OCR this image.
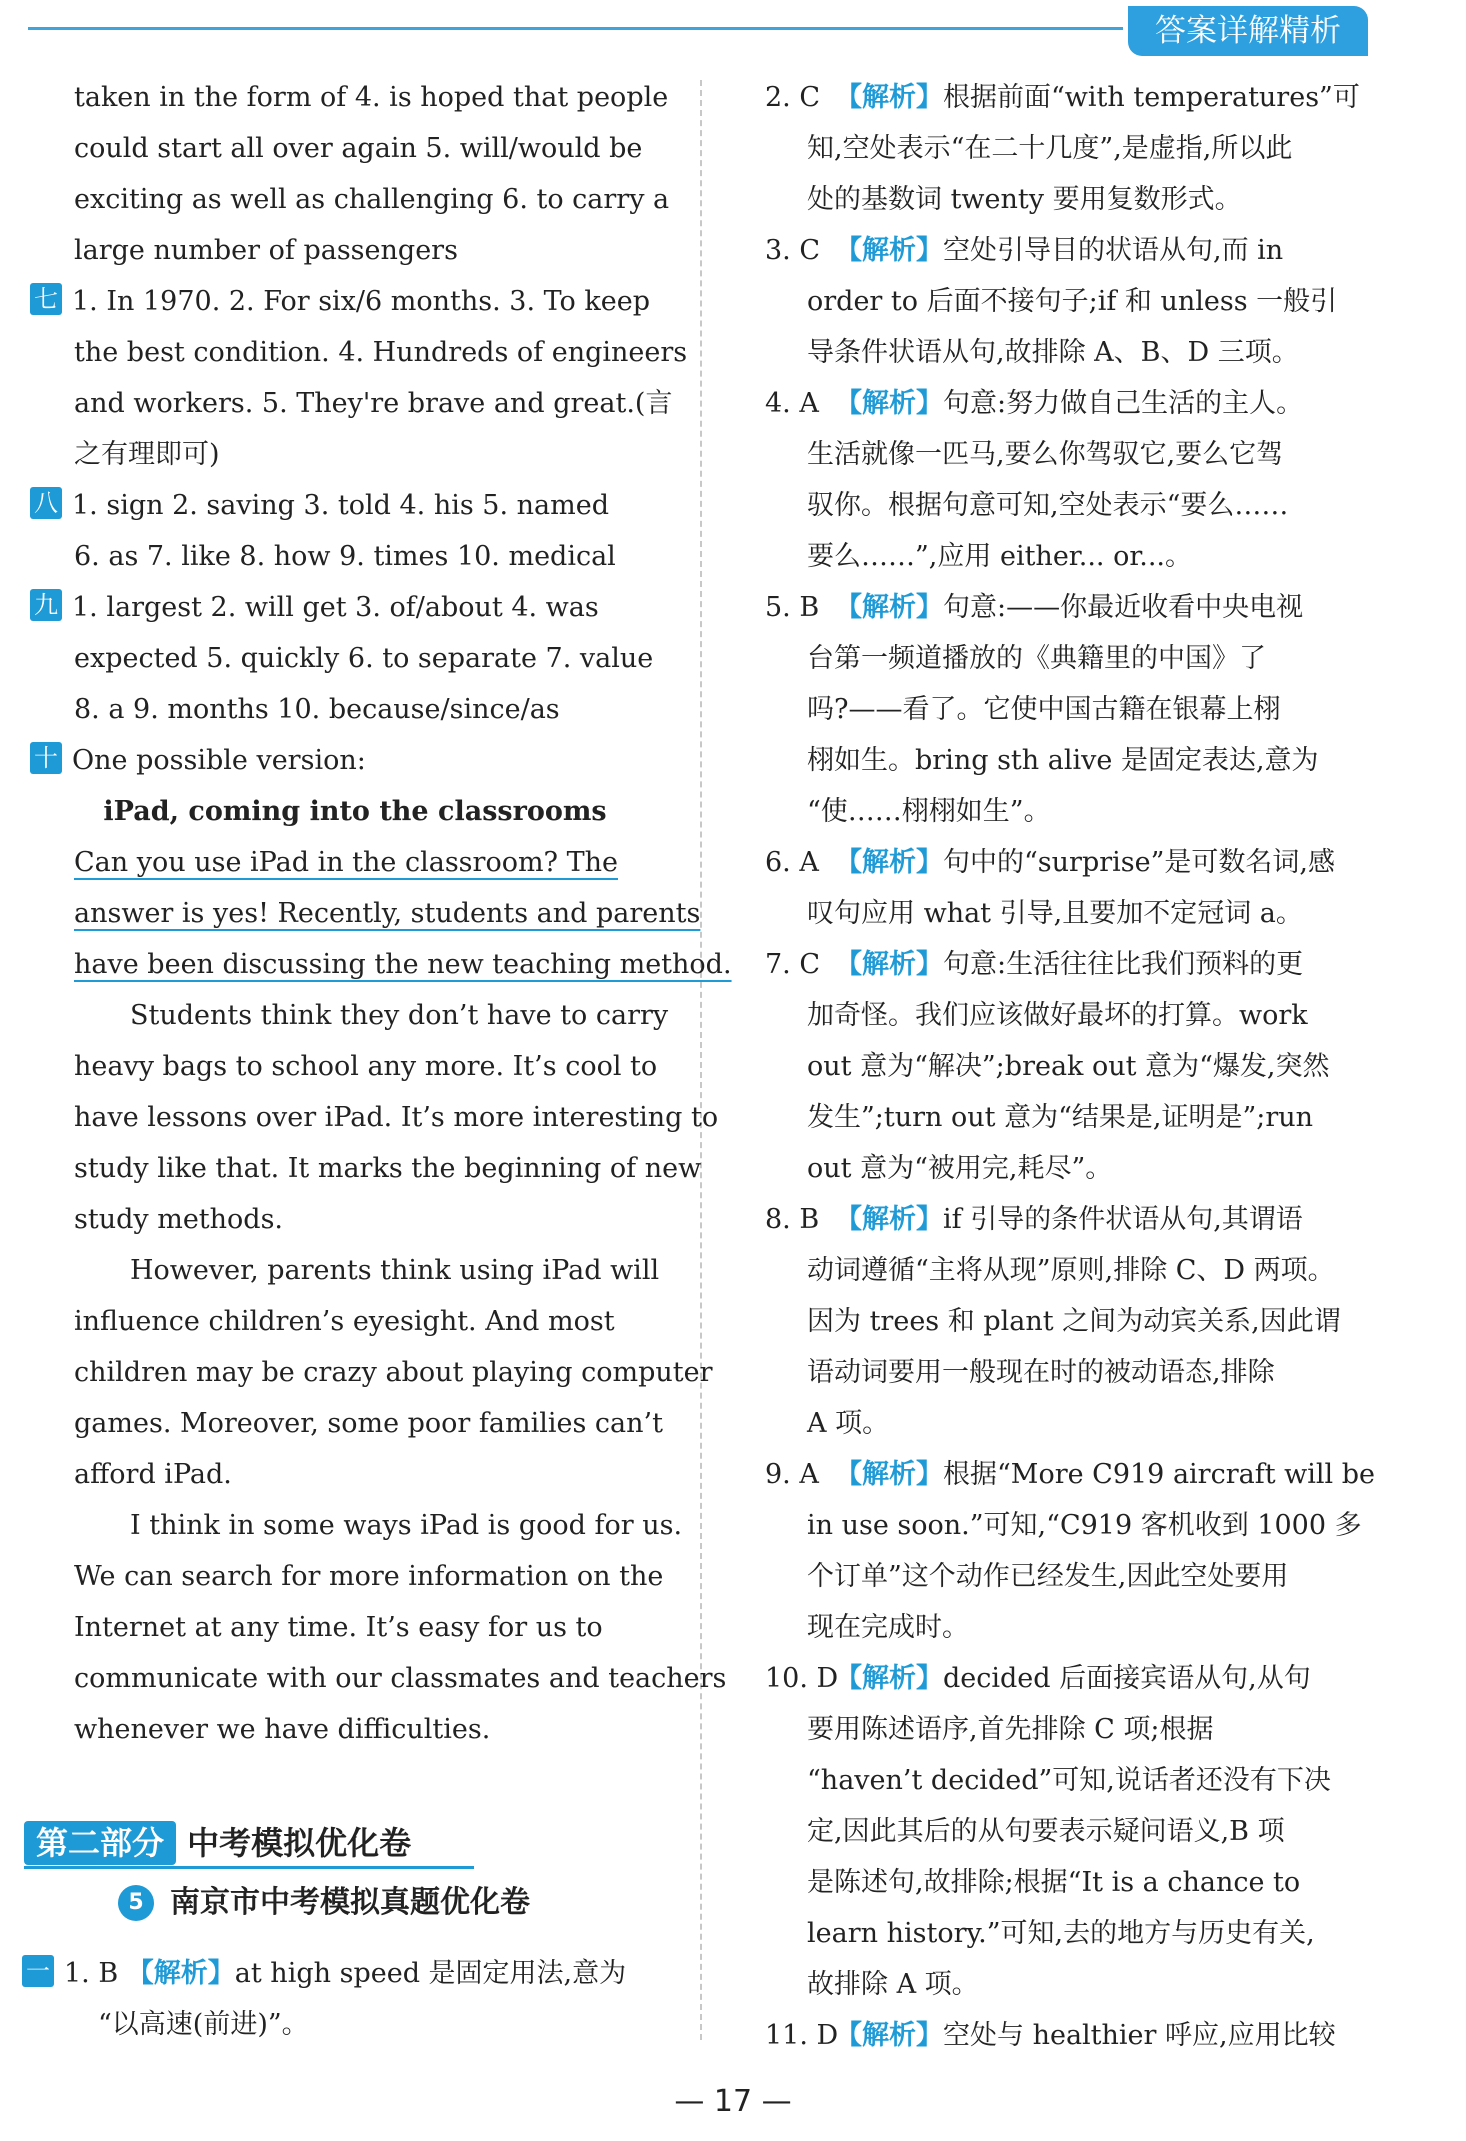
答案详解精析
taken in the form of 4. is hoped that people
could start all over again 5. will/would be
exciting as well as challenging 6. to carry a
large number of passengers
七 1. In 1970. 2. For six/6 months. 3. To keep
the best condition. 4. Hundreds of engineers
and workers. 5. They're brave and great.(言
之有理即可)
八 1. sign 2. saving 3. told 4. his 5. named
6. as 7. like 8. how 9. times 10. medical
九 1. largest 2. will get 3. of/about 4. was
expected 5. quickly 6. to separate 7. value
8. a 9. months 10. because/since/as
十 One possible version:
iPad, coming into the classrooms
Can you use iPad in the classroom? The
answer is yes! Recently, students and parents
have been discussing the new teaching method.
Students think they don’t have to carry
heavy bags to school any more. It’s cool to
have lessons over iPad. It’s more interesting to
study like that. It marks the beginning of new
study methods.
However, parents think using iPad will
influence children’s eyesight. And most
children may be crazy about playing computer
games. Moreover, some poor families can’t
afford iPad.
I think in some ways iPad is good for us.
We can search for more information on the
Internet at any time. It’s easy for us to
communicate with our classmates and teachers
whenever we have difficulties.
第二部分 中考模拟优化卷
5 南京市中考模拟真题优化卷
一 1. B 【解析】at high speed 是固定用法,意为
“以高速(前进)”。
2. C 【解析】根据前面“with temperatures”可
知,空处表示“在二十几度”,是虚指,所以此
处的基数词 twenty 要用复数形式。
3. C 【解析】空处引导目的状语从句,而 in
order to 后面不接句子;if 和 unless 一般引
导条件状语从句,故排除 A、B、D 三项。
4. A 【解析】句意:努力做自己生活的主人。
生活就像一匹马,要么你驾驭它,要么它驾
驭你。根据句意可知,空处表示“要么……
要么……”,应用 either... or...。
5. B 【解析】句意:——你最近收看中央电视
台第一频道播放的《典籍里的中国》了
吗?——看了。它使中国古籍在银幕上栩
栩如生。bring sth alive 是固定表达,意为
“使……栩栩如生”。
6. A 【解析】句中的“surprise”是可数名词,感
叹句应用 what 引导,且要加不定冠词 a。
7. C 【解析】句意:生活往往比我们预料的更
加奇怪。我们应该做好最坏的打算。work
out 意为“解决”;break out 意为“爆发,突然
发生”;turn out 意为“结果是,证明是”;run
out 意为“被用完,耗尽”。
8. B 【解析】if 引导的条件状语从句,其谓语
动词遵循“主将从现”原则,排除 C、D 两项。
因为 trees 和 plant 之间为动宾关系,因此谓
语动词要用一般现在时的被动语态,排除
A 项。
9. A 【解析】根据“More C919 aircraft will be
in use soon.”可知,“C919 客机收到 1000 多
个订单”这个动作已经发生,因此空处要用
现在完成时。
10. D【解析】decided 后面接宾语从句,从句
要用陈述语序,首先排除 C 项;根据
“haven’t decided”可知,说话者还没有下决
定,因此其后的从句要表示疑问语义,B 项
是陈述句,故排除;根据“It is a chance to
learn history.”可知,去的地方与历史有关,
故排除 A 项。
11. D【解析】空处与 healthier 呼应,应用比较
— 17 —
